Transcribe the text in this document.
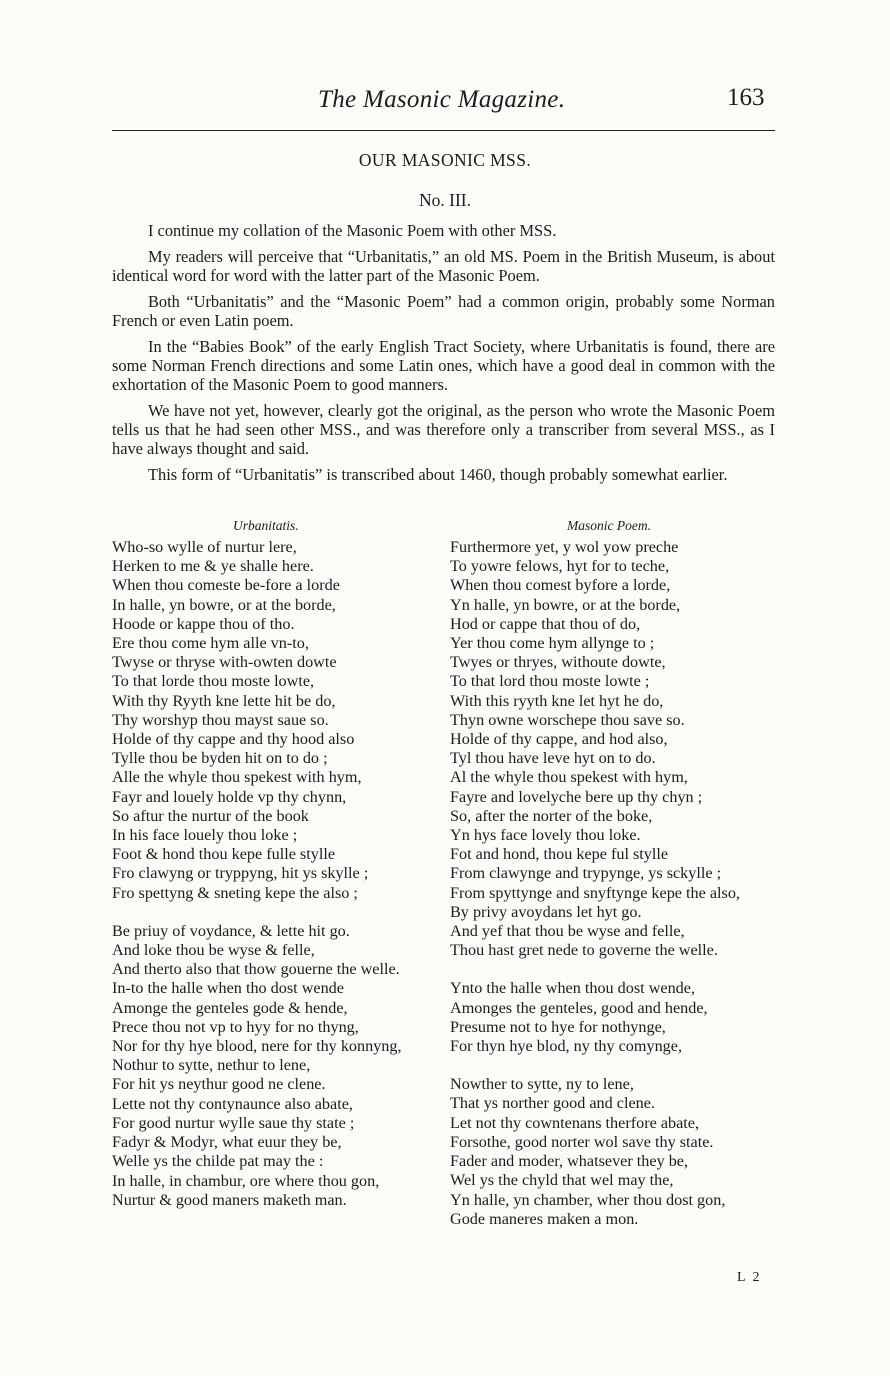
The Masonic Magazine.	163
OUR MASONIC MSS.
No. III.

I continue my collation of the Masonic Poem with other MSS.

My readers will perceive that “Urbanitatis,” an old MS. Poem in the British Museum, is about identical word for word with the latter part of the Masonic Poem.

Both “Urbanitatis” and the “Masonic Poem” had a common origin, probably some Norman French or even Latin poem.

In the “Babies Book” of the early English Tract Society, where Urbanitatis is found, there are some Norman French directions and some Latin ones, which have a good deal in common with the exhortation of the Masonic Poem to good manners.

We have not yet, however, clearly got the original, as the person who wrote the Masonic Poem tells us that he had seen other MSS., and was therefore only a transcriber from several MSS., as I have always thought and said.

This form of “Urbanitatis” is transcribed about 1460, though probably somewhat earlier.

Urbanitatis.	Masonic Poem.
Who-so wylle of nurtur lere,
Herken to me & ye shalle here.
When thou comeste be-fore a lorde
In halle, yn bowre, or at the borde,
Hoode or kappe thou of tho.
Ere thou come hym alle vn-to,
Twyse or thryse with-owten dowte
To that lorde thou moste lowte,
With thy Ryyth kne lette hit be do,
Thy worshyp thou mayst saue so.
Holde of thy cappe and thy hood also
Tylle thou be byden hit on to do ;
Alle the whyle thou spekest with hym,
Fayr and louely holde vp thy chynn,
So aftur the nurtur of the book
In his face louely thou loke ;
Foot & hond thou kepe fulle stylle
Fro clawyng or tryppyng, hit ys skylle ;
Fro spettyng & sneting kepe the also ;
Be priuy of voydance, & lette hit go.
And loke thou be wyse & felle,
And therto also that thow gouerne the welle.
In-to the halle when tho dost wende
Amonge the genteles gode & hende,
Prece thou not vp to hyy for no thyng,
Nor for thy hye blood, nere for thy konnyng,
Nothur to sytte, nethur to lene,
For hit ys neythur good ne clene.
Lette not thy contynaunce also abate,
For good nurtur wylle saue thy state ;
Fadyr & Modyr, what euur they be,
Welle ys the childe pat may the :
In halle, in chambur, ore where thou gon,
Nurtur & good maners maketh man.
Furthermore yet, y wol yow preche
To yowre felows, hyt for to teche,
When thou comest byfore a lorde,
Yn halle, yn bowre, or at the borde,
Hod or cappe that thou of do,
Yer thou come hym allynge to ;
Twyes or thryes, withoute dowte,
To that lord thou moste lowte ;
With this ryyth kne let hyt he do,
Thyn owne worschepe thou save so.
Holde of thy cappe, and hod also,
Tyl thou have leve hyt on to do.
Al the whyle thou spekest with hym,
Fayre and lovelyche bere up thy chyn ;
So, after the norter of the boke,
Yn hys face lovely thou loke.
Fot and hond, thou kepe ful stylle
From clawynge and trypynge, ys sckylle ;
From spyttynge and snyftynge kepe the also,
By privy avoydans let hyt go.
And yef that thou be wyse and felle,
Thou hast gret nede to governe the welle.
Ynto the halle when thou dost wende,
Amonges the genteles, good and hende,
Presume not to hye for nothynge,
For thyn hye blod, ny thy comynge,
Nowther to sytte, ny to lene,
That ys norther good and clene.
Let not thy cowntenans therfore abate,
Forsothe, good norter wol save thy state.
Fader and moder, whatsever they be,
Wel ys the chyld that wel may the,
Yn halle, yn chamber, wher thou dost gon,
Gode maneres maken a mon.
L 2
